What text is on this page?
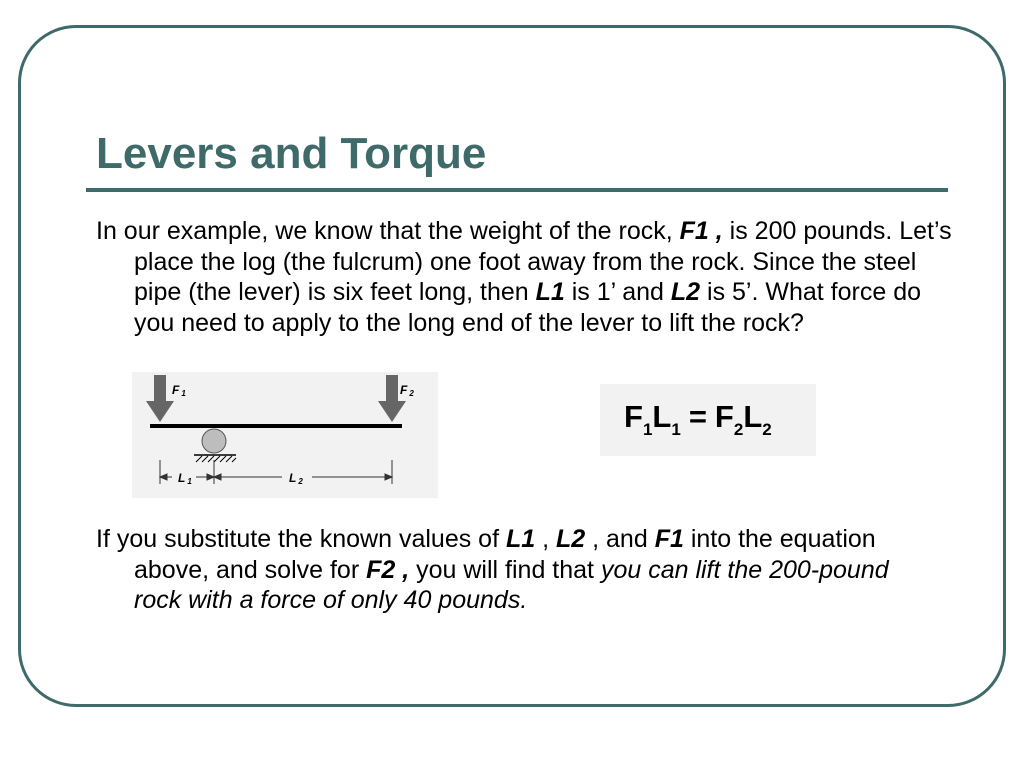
Levers and Torque

In our example, we know that the weight of the rock, F1 , is 200 pounds. Let’s place the log (the fulcrum) one foot away from the rock. Since the steel pipe (the lever) is six feet long, then L1 is 1’ and L2 is 5’. What force do you need to apply to the long end of the lever to lift the rock?

F 1	F 2
L 1	L 2
$F_1L_1 = F_2L_2$

If you substitute the known values of L1 , L2 , and F1 into the equation above, and solve for F2 , you will find that you can lift the 200-pound rock with a force of only 40 pounds.
